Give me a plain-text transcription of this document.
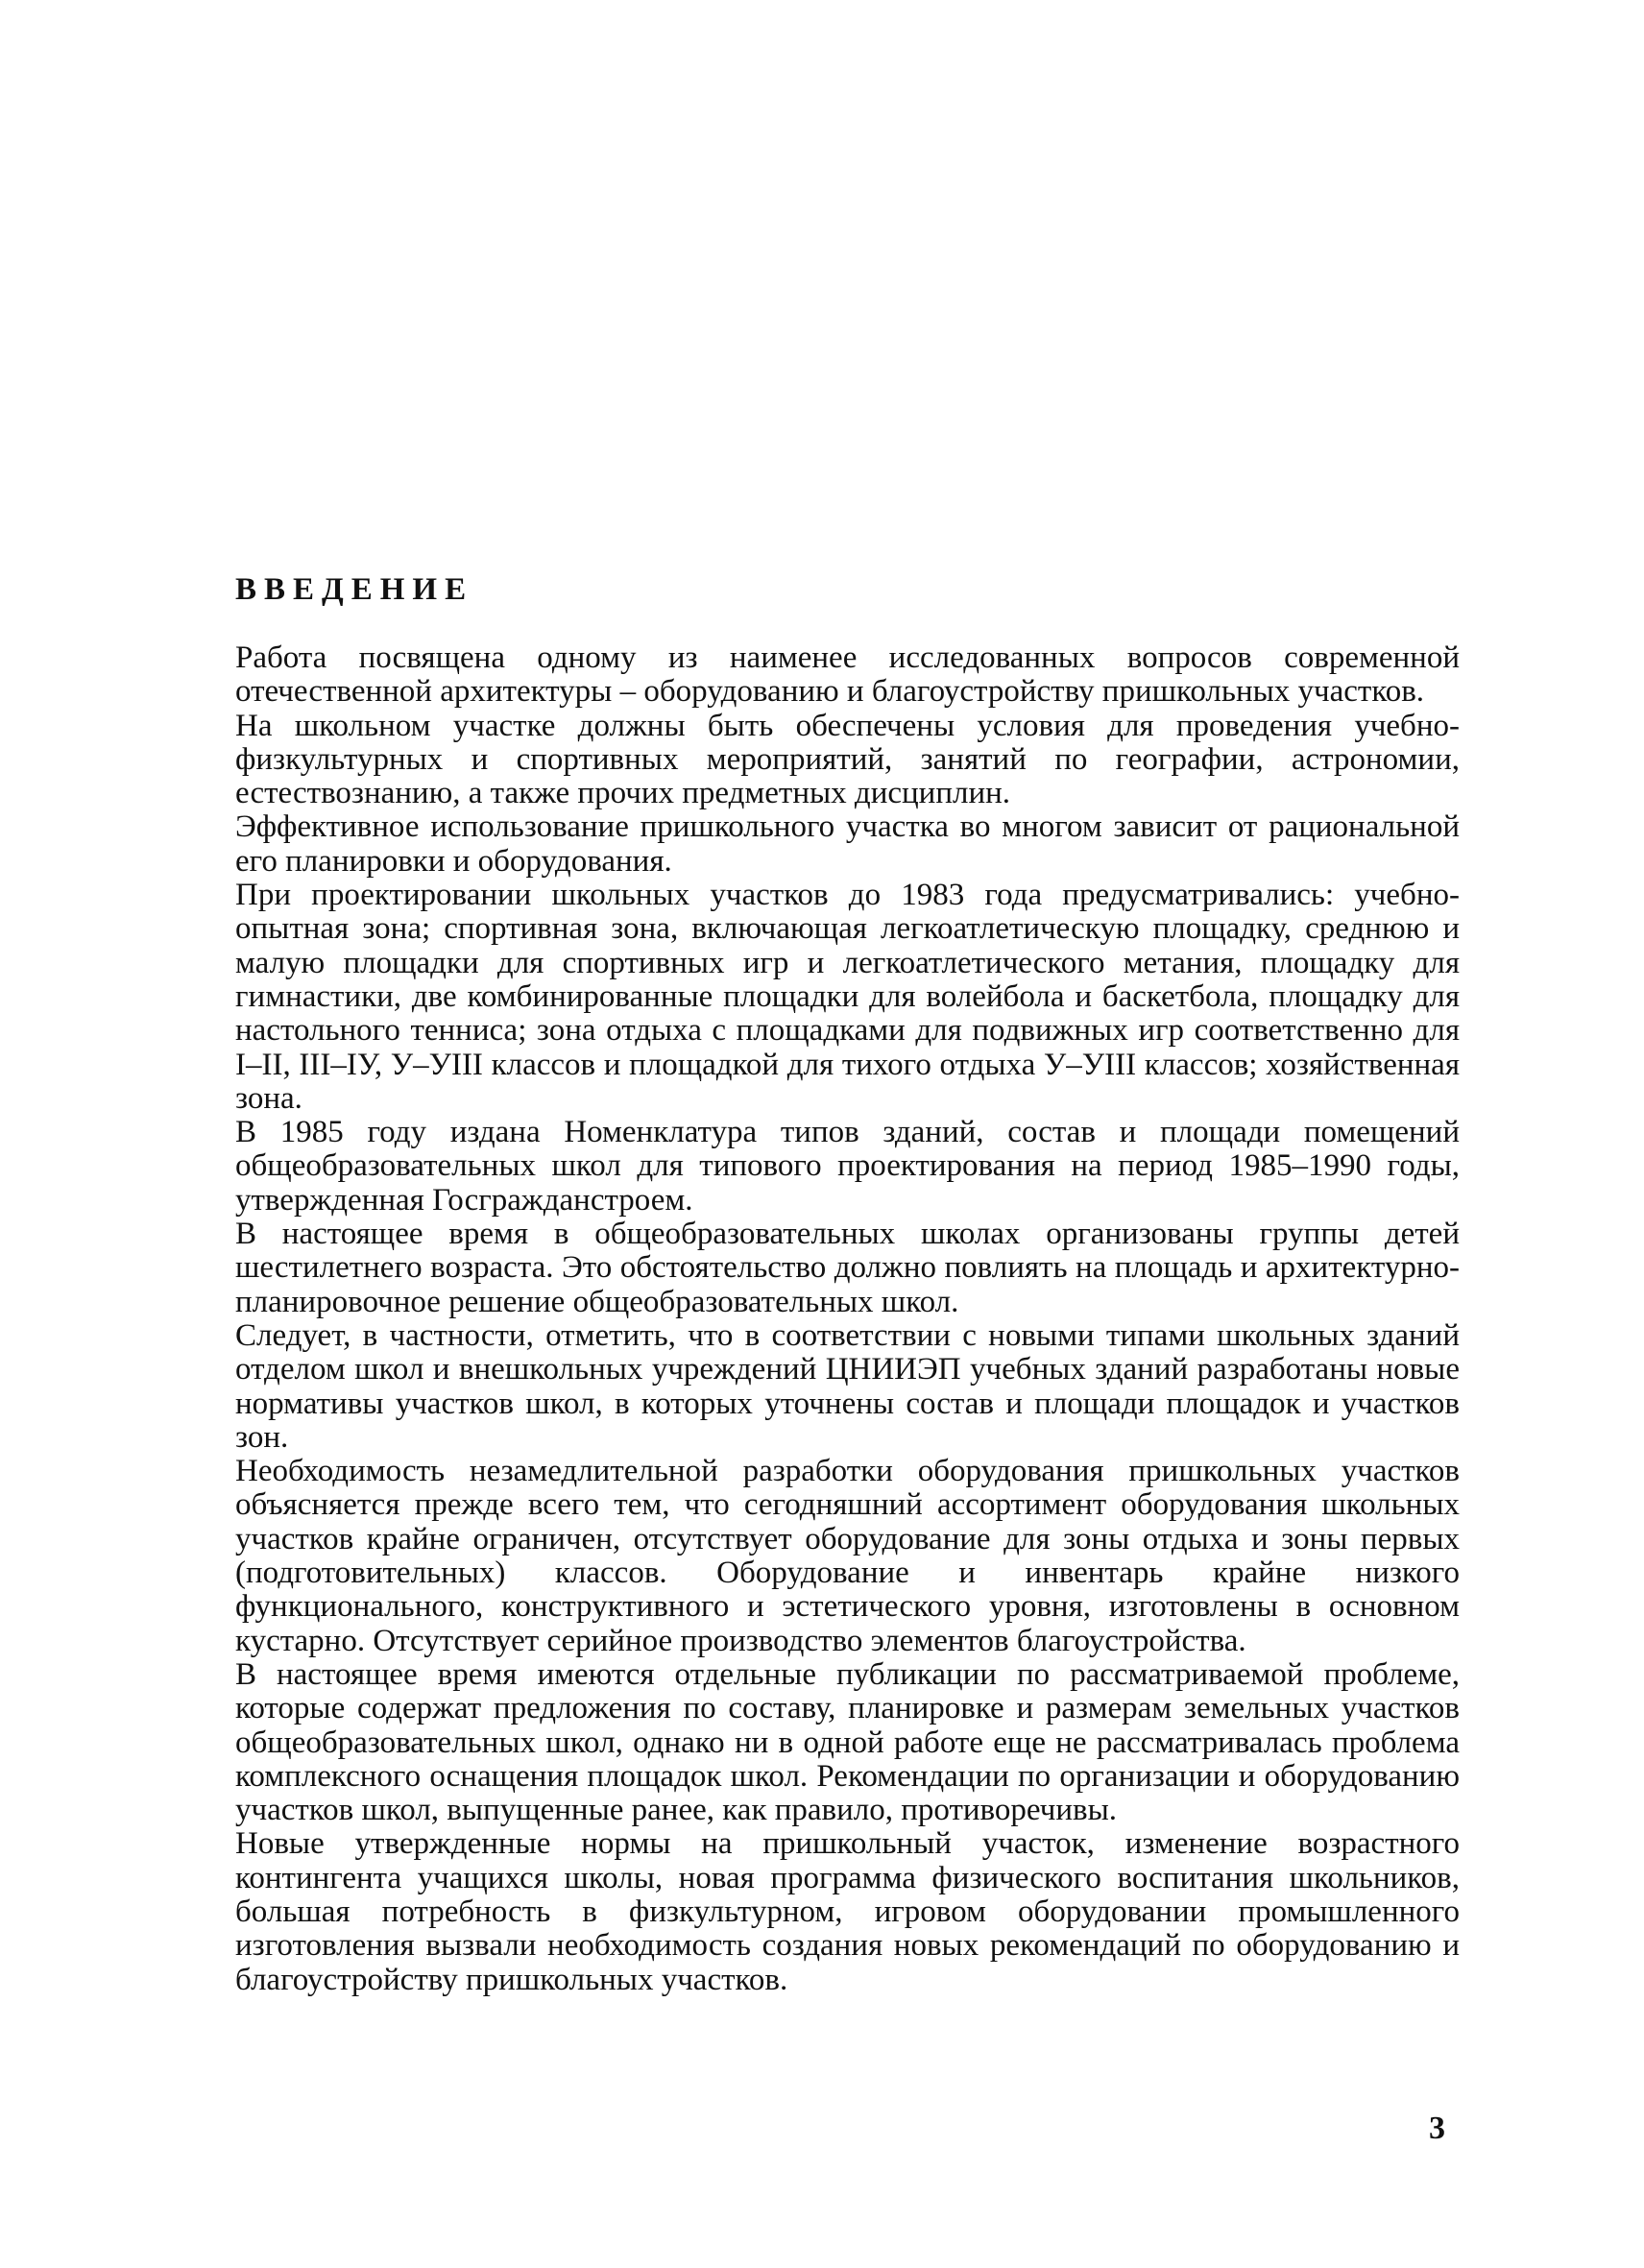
ВВЕДЕНИЕ

Работа посвящена одному из наименее исследованных вопросов современной отечественной архитектуры – оборудованию и благоустройству пришкольных участков.

На школьном участке должны быть обеспечены условия для проведения учебно-физкультурных и спортивных мероприятий, занятий по географии, астрономии, естествознанию, а также прочих предметных дисциплин.

Эффективное использование пришкольного участка во многом зависит от рациональной его планировки и оборудования.

При проектировании школьных участков до 1983 года предусматривались: учебно-опытная зона; спортивная зона, включающая легкоатлетическую площадку, среднюю и малую площадки для спортивных игр и легкоатлетического метания, площадку для гимнастики, две комбинированные площадки для волейбола и баскетбола, площадку для настольного тенниса; зона отдыха с площадками для подвижных игр соответственно для I–II, III–IУ, У–УIII классов и площадкой для тихого отдыха У–УIII классов; хозяйственная зона.

В 1985 году издана Номенклатура типов зданий, состав и площади помещений общеобразовательных школ для типового проектирования на период 1985–1990 годы, утвержденная Госгражданстроем.

В настоящее время в общеобразовательных школах организованы группы детей шестилетнего возраста. Это обстоятельство должно повлиять на площадь и архитектурно-планировочное решение общеобразовательных школ.

Следует, в частности, отметить, что в соответствии с новыми типами школьных зданий отделом школ и внешкольных учреждений ЦНИИЭП учебных зданий разработаны новые нормативы участков школ, в которых уточнены состав и площади площадок и участков зон.

Необходимость незамедлительной разработки оборудования пришкольных участков объясняется прежде всего тем, что сегодняшний ассортимент оборудования школьных участков крайне ограничен, отсутствует оборудование для зоны отдыха и зоны первых (подготовительных) классов. Оборудование и инвентарь крайне низкого функционального, конструктивного и эстетического уровня, изготовлены в основном кустарно. Отсутствует серийное производство элементов благоустройства.

В настоящее время имеются отдельные публикации по рассматриваемой проблеме, которые содержат предложения по составу, планировке и размерам земельных участков общеобразовательных школ, однако ни в одной работе еще не рассматривалась проблема комплексного оснащения площадок школ. Рекомендации по организации и оборудованию участков школ, выпущенные ранее, как правило, противоречивы.

Новые утвержденные нормы на пришкольный участок, изменение возрастного контингента учащихся школы, новая программа физического воспитания школьников, большая потребность в физкультурном, игровом оборудовании промышленного изготовления вызвали необходимость создания новых рекомендаций по оборудованию и благоустройству пришкольных участков.

3
